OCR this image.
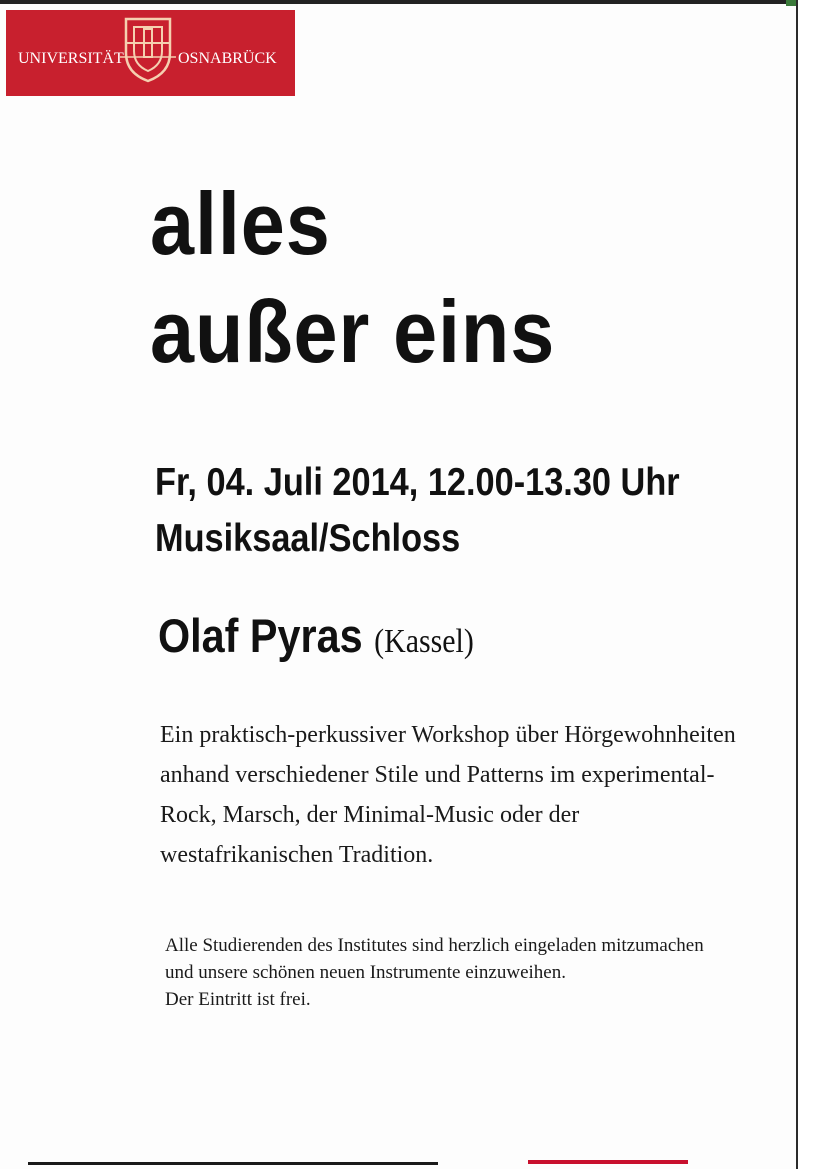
UNIVERSITÄT	OSNABRÜCK
alles
außer eins
Fr, 04. Juli 2014, 12.00-13.30 Uhr
Musiksaal/Schloss
Olaf Pyras (Kassel)
Ein praktisch-perkussiver Workshop über Hörgewohnheiten
anhand verschiedener Stile und Patterns im experimental-
Rock, Marsch, der Minimal-Music oder der
westafrikanischen Tradition.
Alle Studierenden des Institutes sind herzlich eingeladen mitzumachen
und unsere schönen neuen Instrumente einzuweihen.
Der Eintritt ist frei.
